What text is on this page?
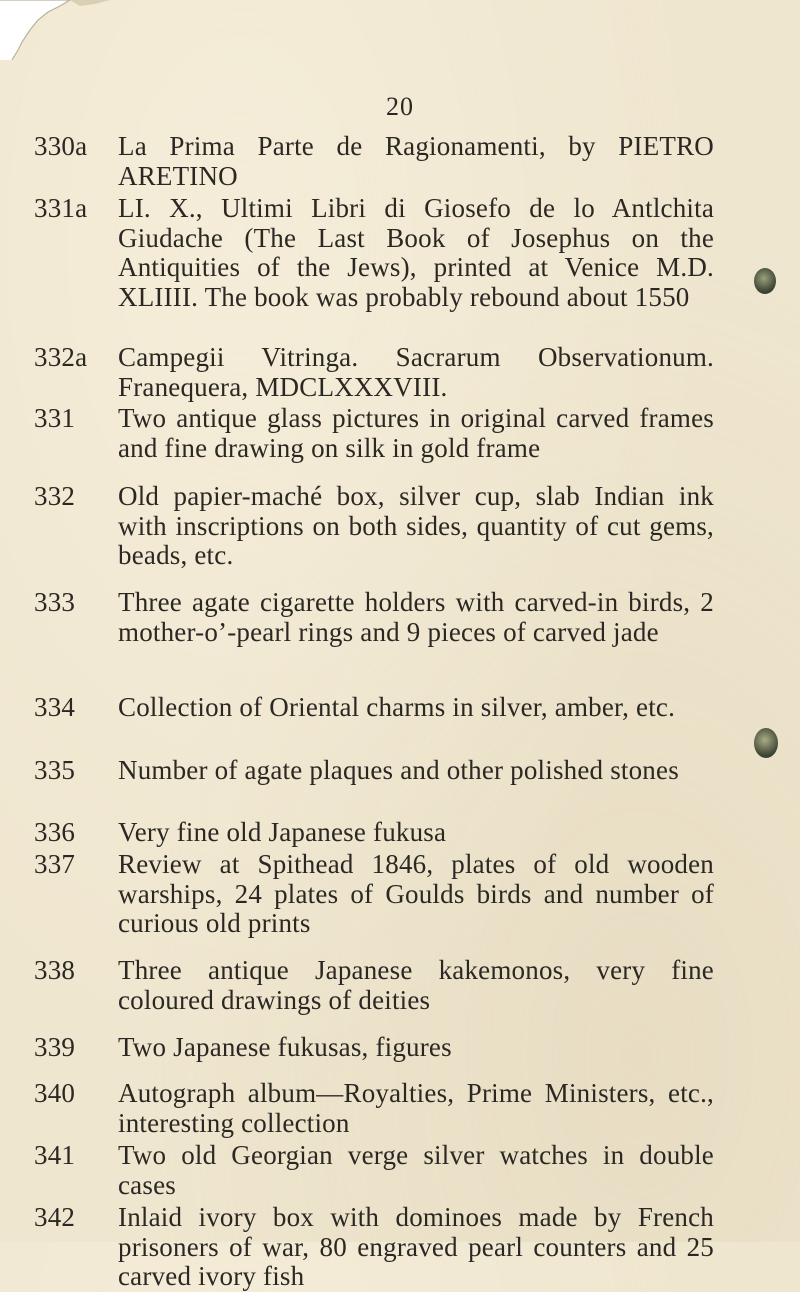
20
330a	La Prima Parte de Ragionamenti, by PIETRO ARETINO
331a	LI. X., Ultimi Libri di Giosefo de lo Antlchita Giudache (The Last Book of Josephus on the Antiquities of the Jews), printed at Venice M.D. XLIIII. The book was probably rebound about 1550
332a	Campegii Vitringa. Sacrarum Observationum. Franequera, MDCLXXXVIII.
331	Two antique glass pictures in original carved frames and fine drawing on silk in gold frame
332	Old papier-maché box, silver cup, slab Indian ink with inscriptions on both sides, quantity of cut gems, beads, etc.
333	Three agate cigarette holders with carved-in birds, 2 mother-o’-pearl rings and 9 pieces of carved jade
334	Collection of Oriental charms in silver, amber, etc.
335	Number of agate plaques and other polished stones
336	Very fine old Japanese fukusa
337	Review at Spithead 1846, plates of old wooden warships, 24 plates of Goulds birds and number of curious old prints
338	Three antique Japanese kakemonos, very fine coloured drawings of deities
339	Two Japanese fukusas, figures
340	Autograph album—Royalties, Prime Ministers, etc., interesting collection
341	Two old Georgian verge silver watches in double cases
342	Inlaid ivory box with dominoes made by French prisoners of war, 80 engraved pearl counters and 25 carved ivory fish
